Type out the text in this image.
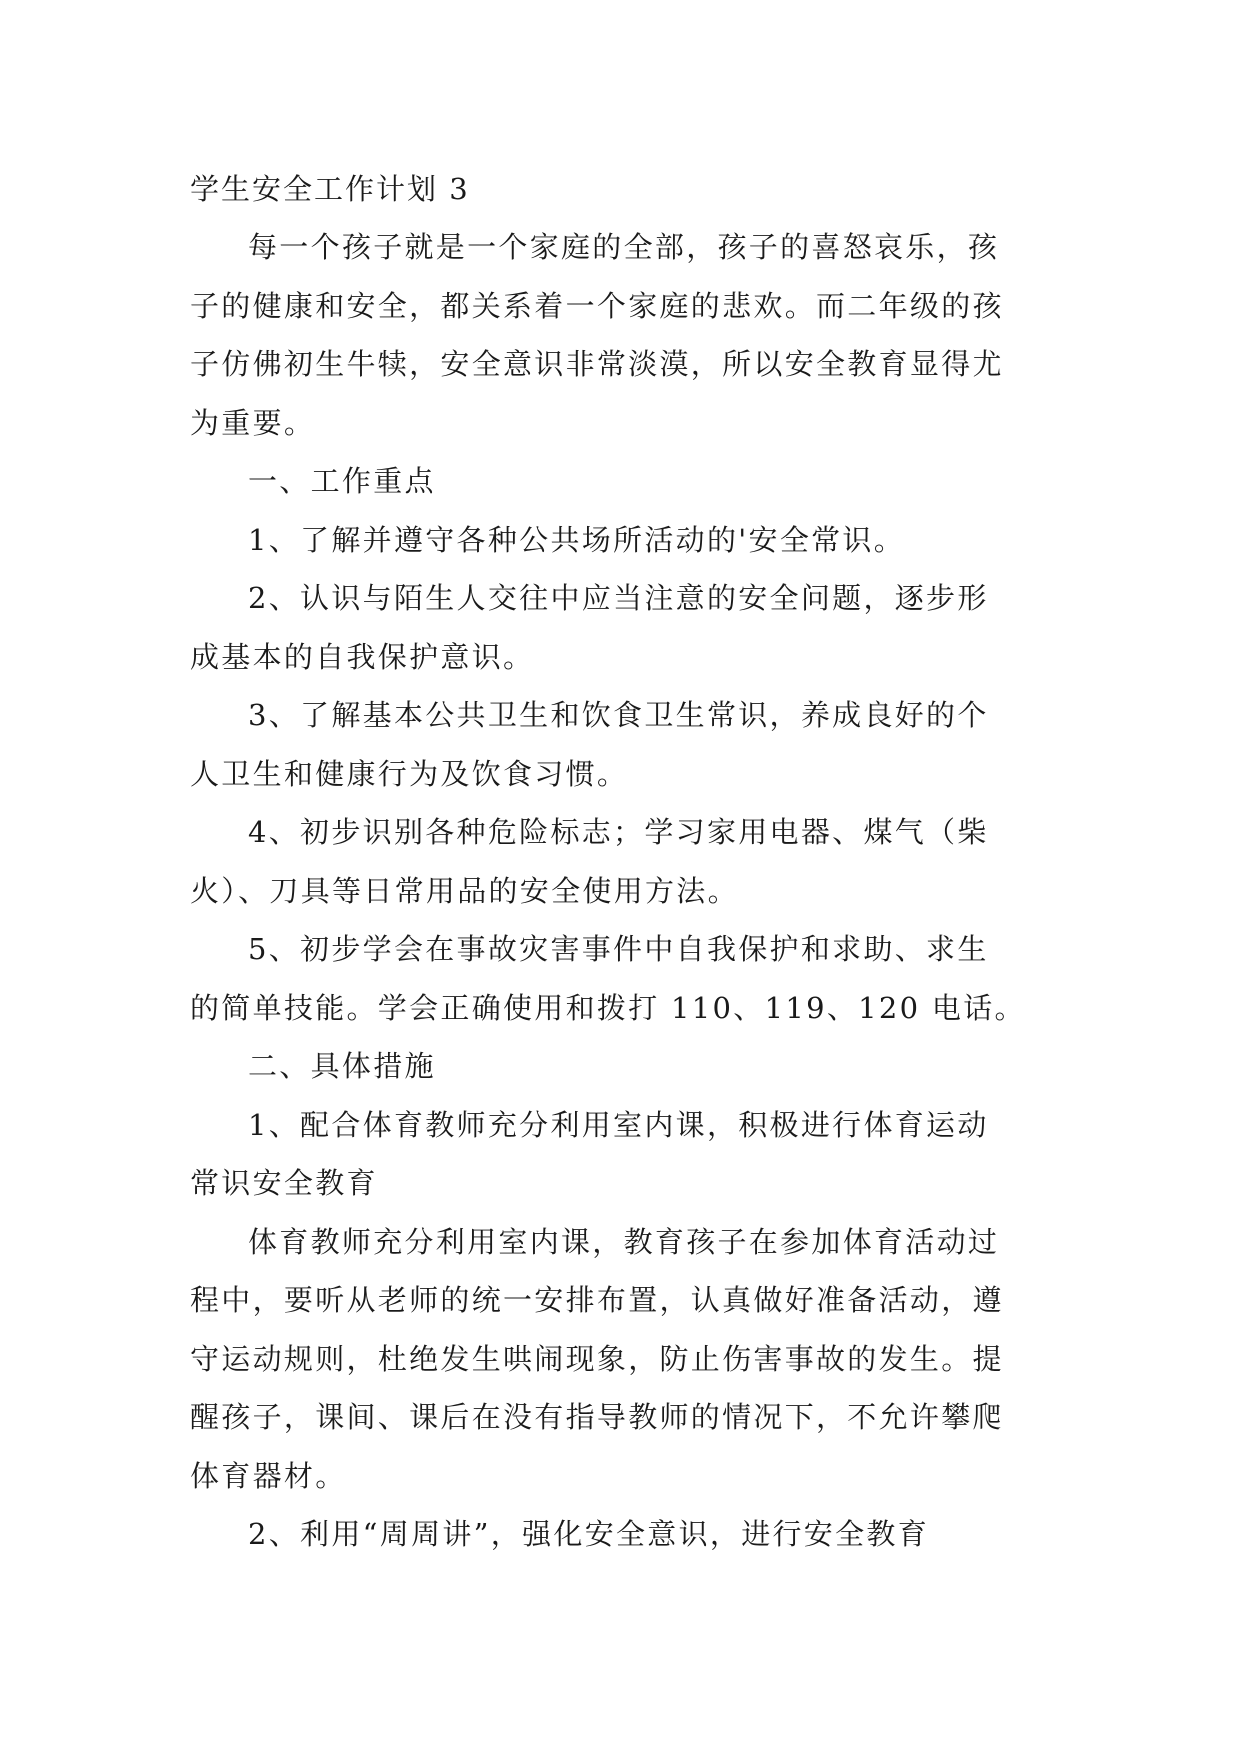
学生安全工作计划 3
每一个孩子就是一个家庭的全部，孩子的喜怒哀乐，孩
子的健康和安全，都关系着一个家庭的悲欢。而二年级的孩
子仿佛初生牛犊，安全意识非常淡漠，所以安全教育显得尤
为重要。
一、工作重点
1、了解并遵守各种公共场所活动的'安全常识。
2、认识与陌生人交往中应当注意的安全问题，逐步形
成基本的自我保护意识。
3、了解基本公共卫生和饮食卫生常识，养成良好的个
人卫生和健康行为及饮食习惯。
4、初步识别各种危险标志；学习家用电器、煤气（柴
火）、刀具等日常用品的安全使用方法。
5、初步学会在事故灾害事件中自我保护和求助、求生
的简单技能。学会正确使用和拨打 110、119、120 电话。
二、具体措施
1、配合体育教师充分利用室内课，积极进行体育运动
常识安全教育
体育教师充分利用室内课，教育孩子在参加体育活动过
程中，要听从老师的统一安排布置，认真做好准备活动，遵
守运动规则，杜绝发生哄闹现象，防止伤害事故的发生。提
醒孩子，课间、课后在没有指导教师的情况下，不允许攀爬
体育器材。
2、利用“周周讲”，强化安全意识，进行安全教育
